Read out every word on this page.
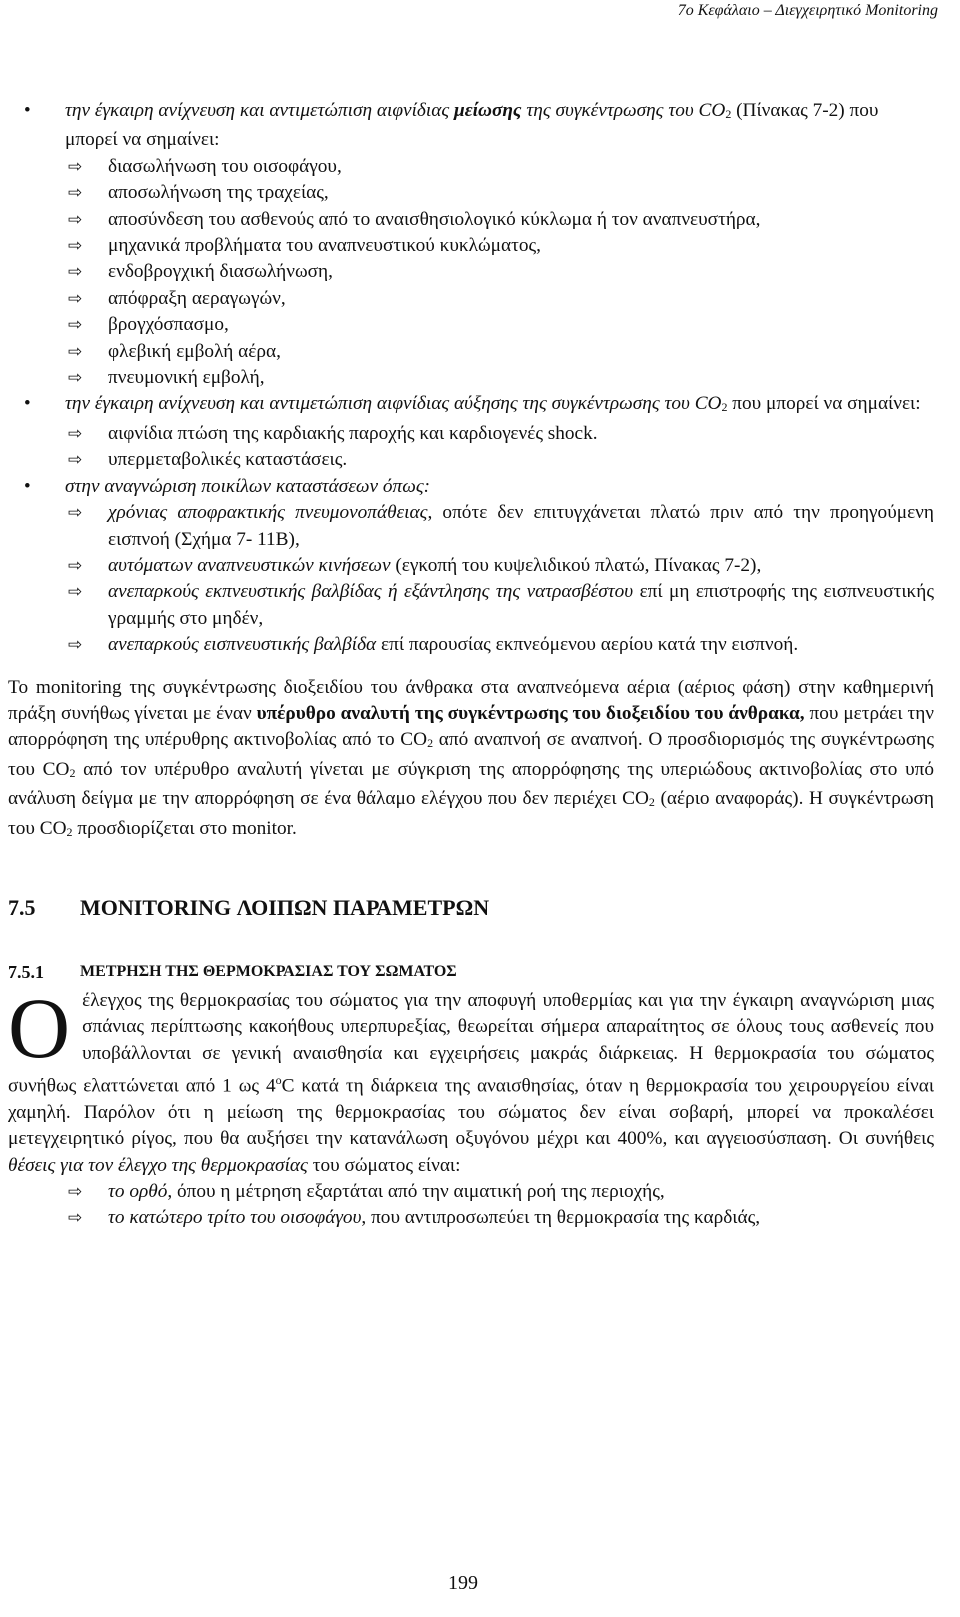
7ο Κεφάλαιο – Διεγχειρητικό Monitoring
• την έγκαιρη ανίχνευση και αντιμετώπιση αιφνίδιας μείωσης της συγκέντρωσης του $CO_2$ (Πίνακας 7-2) που μπορεί να σημαίνει:
⇨ διασωλήνωση του οισοφάγου,
⇨ αποσωλήνωση της τραχείας,
⇨ αποσύνδεση του ασθενούς από το αναισθησιολογικό κύκλωμα ή τον αναπνευστήρα,
⇨ μηχανικά προβλήματα του αναπνευστικού κυκλώματος,
⇨ ενδοβρογχική διασωλήνωση,
⇨ απόφραξη αεραγωγών,
⇨ βρογχόσπασμο,
⇨ φλεβική εμβολή αέρα,
⇨ πνευμονική εμβολή,
• την έγκαιρη ανίχνευση και αντιμετώπιση αιφνίδιας αύξησης της συγκέντρωσης του $CO_2$ που μπορεί να σημαίνει:
⇨ αιφνίδια πτώση της καρδιακής παροχής και καρδιογενές shock.
⇨ υπερμεταβολικές καταστάσεις.
• στην αναγνώριση ποικίλων καταστάσεων όπως:
⇨ χρόνιας αποφρακτικής πνευμονοπάθειας, οπότε δεν επιτυγχάνεται πλατώ πριν από την προηγούμενη εισπνοή (Σχήμα 7- 11Β),
⇨ αυτόματων αναπνευστικών κινήσεων (εγκοπή του κυψελιδικού πλατώ, Πίνακας 7-2),
⇨ ανεπαρκούς εκπνευστικής βαλβίδας ή εξάντλησης της νατρασβέστου επί μη επιστροφής της εισπνευστικής γραμμής στο μηδέν,
⇨ ανεπαρκούς εισπνευστικής βαλβίδα επί παρουσίας εκπνεόμενου αερίου κατά την εισπνοή.
Το monitoring της συγκέντρωσης διοξειδίου του άνθρακα στα αναπνεόμενα αέρια (αέριος φάση) στην καθημερινή πράξη συνήθως γίνεται με έναν υπέρυθρο αναλυτή της συγκέντρωσης του διοξειδίου του άνθρακα, που μετράει την απορρόφηση της υπέρυθρης ακτινοβολίας από το $CO_2$ από αναπνοή σε αναπνοή. Ο προσδιορισμός της συγκέντρωσης του $CO_2$ από τον υπέρυθρο αναλυτή γίνεται με σύγκριση της απορρόφησης της υπεριώδους ακτινοβολίας στο υπό ανάλυση δείγμα με την απορρόφηση σε ένα θάλαμο ελέγχου που δεν περιέχει $CO_2$ (αέριο αναφοράς). Η συγκέντρωση του $CO_2$ προσδιορίζεται στο monitor.
7.5	MONITORING ΛΟΙΠΩΝ ΠΑΡΑΜΕΤΡΩΝ
7.5.1	ΜΕΤΡΗΣΗ ΤΗΣ ΘΕΡΜΟΚΡΑΣΙΑΣ ΤΟΥ ΣΩΜΑΤΟΣ
Οέλεγχος της θερμοκρασίας του σώματος για την αποφυγή υποθερμίας και για την έγκαιρη αναγνώριση μιας σπάνιας περίπτωσης κακοήθους υπερπυρεξίας, θεωρείται σήμερα απαραίτητος σε όλους τους ασθενείς που υποβάλλονται σε γενική αναισθησία και εγχειρήσεις μακράς διάρκειας. Η θερμοκρασία του σώματος συνήθως ελαττώνεται από 1 ως $4^oC$ κατά τη διάρκεια της αναισθησίας, όταν η θερμοκρασία του χειρουργείου είναι χαμηλή. Παρόλον ότι η μείωση της θερμοκρασίας του σώματος δεν είναι σοβαρή, μπορεί να προκαλέσει μετεγχειρητικό ρίγος, που θα αυξήσει την κατανάλωση οξυγόνου μέχρι και 400%, και αγγειοσύσπαση. Οι συνήθεις θέσεις για τον έλεγχο της θερμοκρασίας του σώματος είναι:
⇨ το ορθό, όπου η μέτρηση εξαρτάται από την αιματική ροή της περιοχής,
⇨ το κατώτερο τρίτο του οισοφάγου, που αντιπροσωπεύει τη θερμοκρασία της καρδιάς,
199
